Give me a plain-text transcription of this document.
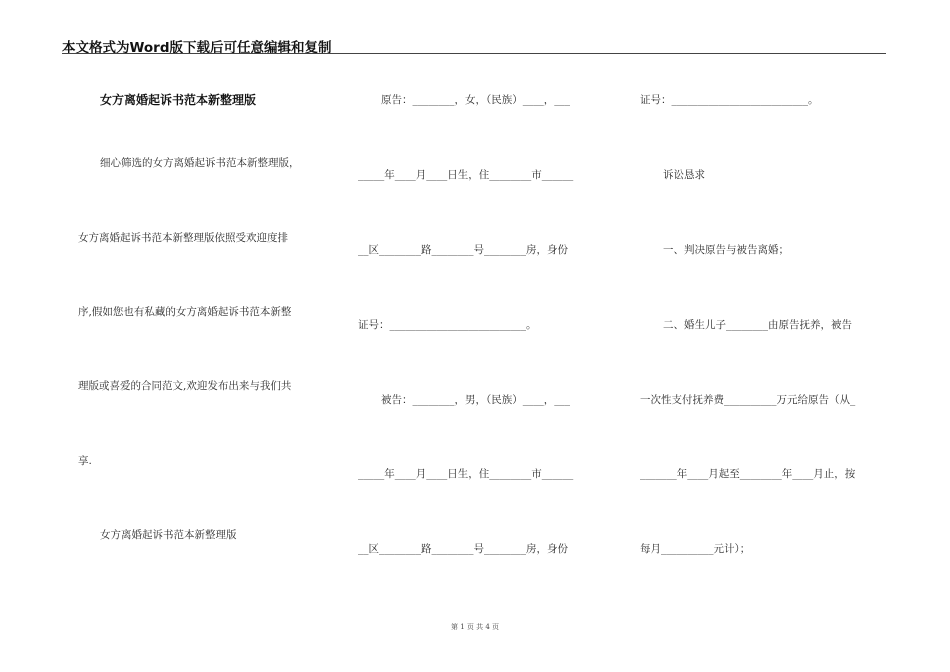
本文格式为Word版下载后可任意编辑和复制
女方离婚起诉书范本新整理版
细心筛选的女方离婚起诉书范本新整理版，
女方离婚起诉书范本新整理版依照受欢迎度排
序,假如您也有私藏的女方离婚起诉书范本新整
理版或喜爱的合同范文,欢迎发布出来与我们共
享.
女方离婚起诉书范本新整理版
原告：________，女，（民族）____，___
_____年____月____日生，住________市______
__区________路________号________房，身份
证号：__________________________。
被告：________，男，（民族）____，___
_____年____月____日生，住________市______
__区________路________号________房，身份
证号：__________________________。
诉讼恳求
一、判决原告与被告离婚；
二、婚生儿子________由原告抚养，被告
一次性支付抚养费__________万元给原告（从_
_______年____月起至________年____月止，按
每月__________元计）；
第 1 页 共 4 页
